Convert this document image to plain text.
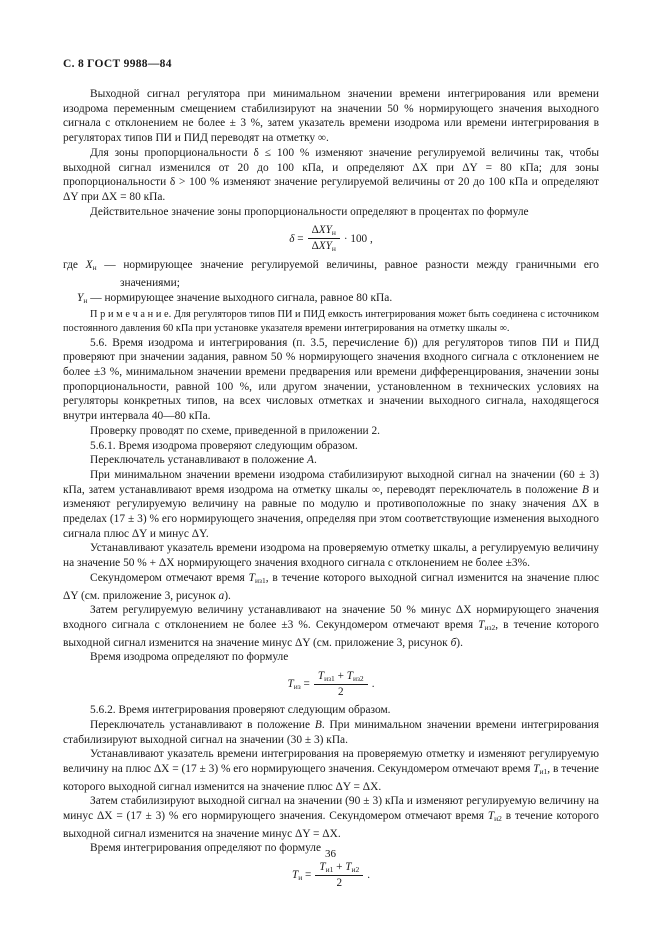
С. 8 ГОСТ 9988—84

Выходной сигнал регулятора при минимальном значении времени интегрирования или времени изодрома переменным смещением стабилизируют на значении 50 % нормирующего значения выходного сигнала с отклонением не более ± 3 %, затем указатель времени изодрома или времени интегрирования в регуляторах типов ПИ и ПИД переводят на отметку ∞.

Для зоны пропорциональности δ ≤ 100 % изменяют значение регулируемой величины так, чтобы выходной сигнал изменился от 20 до 100 кПа, и определяют ΔX при ΔY = 80 кПа; для зоны пропорциональности δ > 100 % изменяют значение регулируемой величины от 20 до 100 кПа и определяют ΔY при ΔX = 80 кПа.

Действительное значение зоны пропорциональности определяют в процентах по формуле

$\delta = \frac{\text{ΔXYн}}{\text{ΔXYн}} \cdot 100$ ,

где Xн — нормирующее значение регулируемой величины, равное разности между граничными его значениями;

Yн — нормирующее значение выходного сигнала, равное 80 кПа.

П р и м е ч а н и е. Для регуляторов типов ПИ и ПИД емкость интегрирования может быть соединена с источником постоянного давления 60 кПа при установке указателя времени интегрирования на отметку шкалы ∞.

5.6. Время изодрома и интегрирования (п. 3.5, перечисление б)) для регуляторов типов ПИ и ПИД проверяют при значении задания, равном 50 % нормирующего значения входного сигнала с отклонением не более ±3 %, минимальном значении времени предварения или времени дифференцирования, значении зоны пропорциональности, равной 100 %, или другом значении, установленном в технических условиях на регуляторы конкретных типов, на всех числовых отметках и значении выходного сигнала, находящегося внутри интервала 40—80 кПа.

Проверку проводят по схеме, приведенной в приложении 2.

5.6.1. Время изодрома проверяют следующим образом.

Переключатель устанавливают в положение А.

При минимальном значении времени изодрома стабилизируют выходной сигнал на значении (60 ± 3) кПа, затем устанавливают время изодрома на отметку шкалы ∞, переводят переключатель в положение В и изменяют регулируемую величину на равные по модулю и противоположные по знаку значения ΔX в пределах (17 ± 3) % его нормирующего значения, определяя при этом соответствующие изменения выходного сигнала плюс ΔY и минус ΔY.

Устанавливают указатель времени изодрома на проверяемую отметку шкалы, а регулируемую величину на значение 50 % + ΔX нормирующего значения входного сигнала с отклонением не более ±3%.

Секундомером отмечают время Тиз1, в течение которого выходной сигнал изменится на значение плюс ΔY (см. приложение 3, рисунок а).

Затем регулируемую величину устанавливают на значение 50 % минус ΔX нормирующего значения входного сигнала с отклонением не более ±3 %. Секундомером отмечают время Тиз2, в течение которого выходной сигнал изменится на значение минус ΔY (см. приложение 3, рисунок б).

Время изодрома определяют по формуле

Тиз = $\frac{\text{Тиз1 + Тиз2}}{2}$ .

5.6.2. Время интегрирования проверяют следующим образом.

Переключатель устанавливают в положение В. При минимальном значении времени интегрирования стабилизируют выходной сигнал на значении (30 ± 3) кПа.

Устанавливают указатель времени интегрирования на проверяемую отметку и изменяют регулируемую величину на плюс ΔX = (17 ± 3) % его нормирующего значения. Секундомером отмечают время Ти1, в течение которого выходной сигнал изменится на значение плюс ΔY = ΔX.

Затем стабилизируют выходной сигнал на значении (90 ± 3) кПа и изменяют регулируемую величину на минус ΔX = (17 ± 3) % его нормирующего значения. Секундомером отмечают время Ти2 в течение которого выходной сигнал изменится на значение минус ΔY = ΔX.

Время интегрирования определяют по формуле

Ти = $\frac{Ти1 + Ти2}{2}$ .
36
